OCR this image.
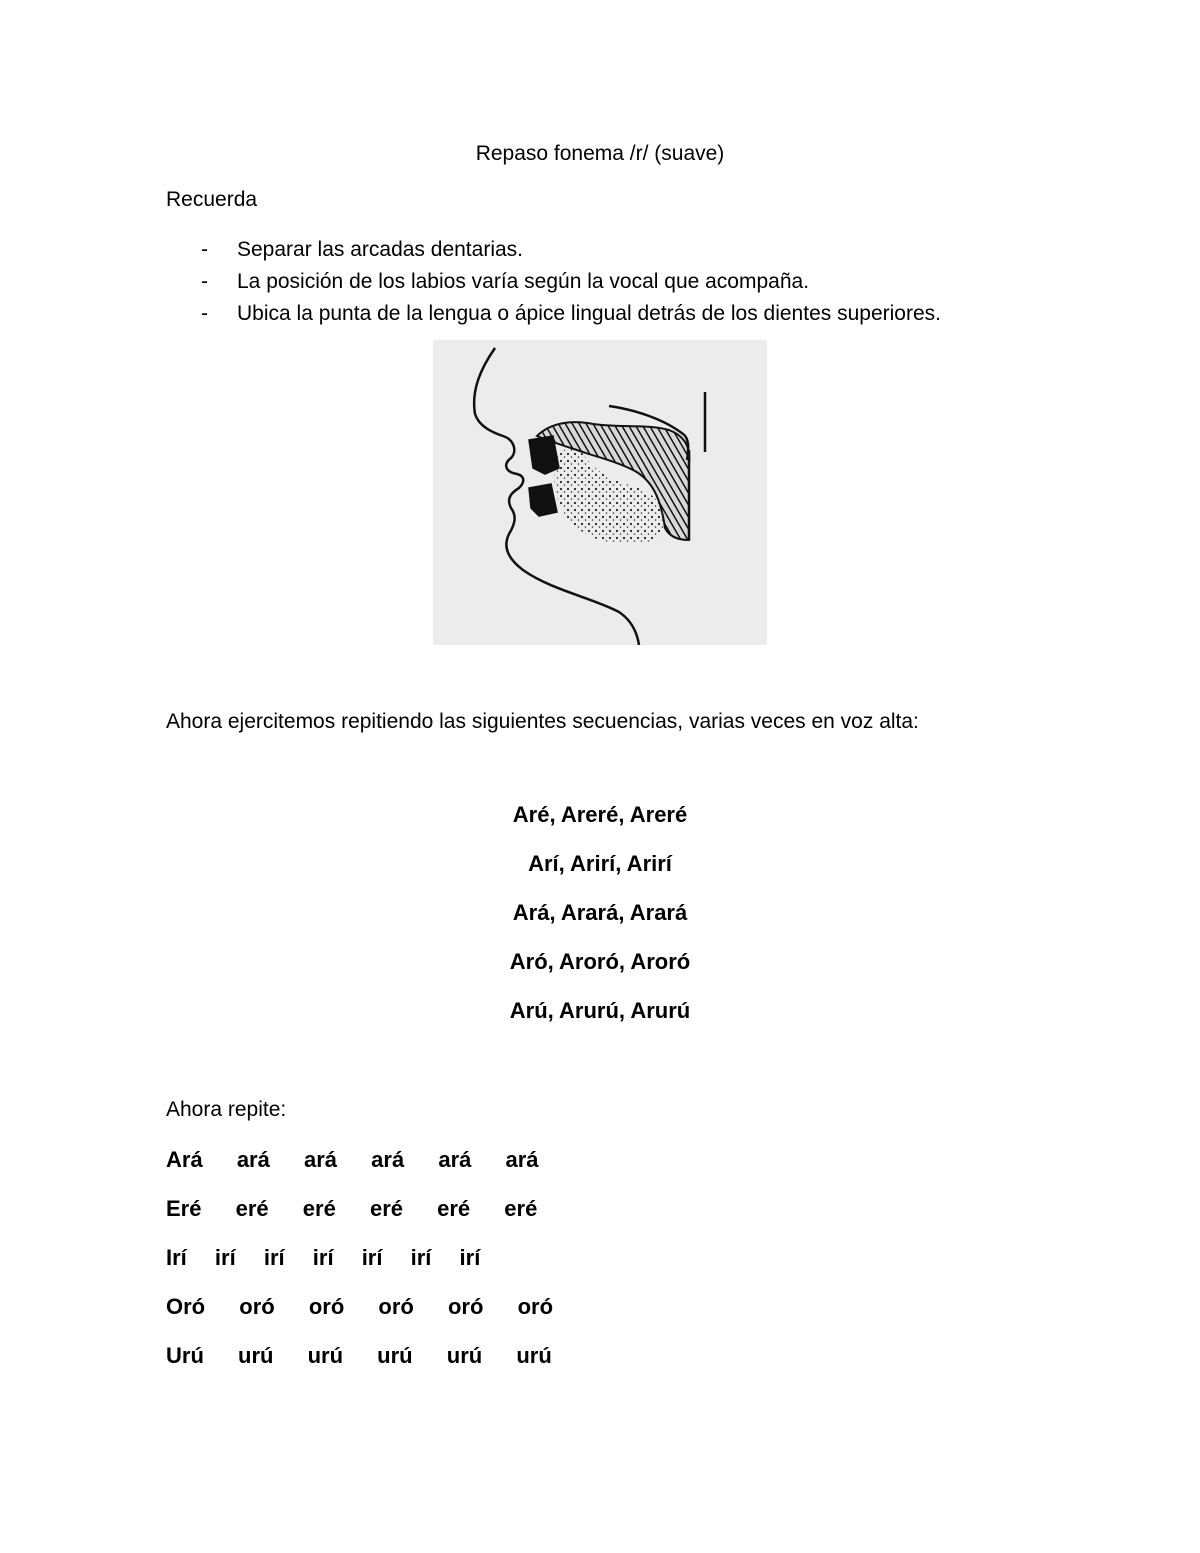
Repaso fonema /r/ (suave)
Recuerda
- Separar las arcadas dentarias.
- La posición de los labios varía según la vocal que acompaña.
- Ubica la punta de la lengua o ápice lingual detrás de los dientes superiores.
Ahora ejercitemos repitiendo las siguientes secuencias, varias veces en voz alta:
Aré, Areré, Areré
Arí, Arirí, Arirí
Ará, Arará, Arará
Aró, Aroró, Aroró
Arú, Arurú, Arurú
Ahora repite:
Ará ará ará ará ará ará
Eré eré eré eré eré eré
Irí irí irí irí irí irí irí
Oró oró oró oró oró oró
Urú urú urú urú urú urú
